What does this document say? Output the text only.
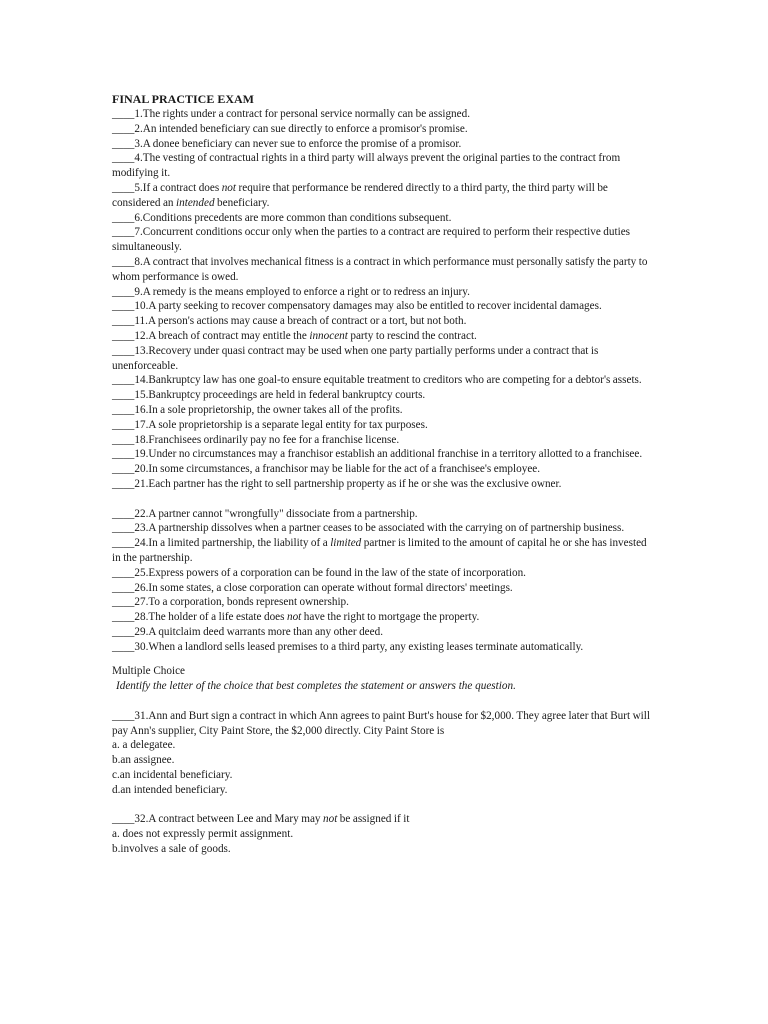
FINAL PRACTICE EXAM

____1.The rights under a contract for personal service normally can be assigned.

____2.An intended beneficiary can sue directly to enforce a promisor's promise.

____3.A donee beneficiary can never sue to enforce the promise of a promisor.

____4.The vesting of contractual rights in a third party will always prevent the original parties to the contract from modifying it.

____5.If a contract does not require that performance be rendered directly to a third party, the third party will be considered an intended beneficiary.

____6.Conditions precedents are more common than conditions subsequent.

____7.Concurrent conditions occur only when the parties to a contract are required to perform their respective duties simultaneously.

____8.A contract that involves mechanical fitness is a contract in which performance must personally satisfy the party to whom performance is owed.

____9.A remedy is the means employed to enforce a right or to redress an injury.

____10.A party seeking to recover compensatory damages may also be entitled to recover incidental damages.

____11.A person's actions may cause a breach of contract or a tort, but not both.

____12.A breach of contract may entitle the innocent party to rescind the contract.

____13.Recovery under quasi contract may be used when one party partially performs under a contract that is unenforceable.

____14.Bankruptcy law has one goal-to ensure equitable treatment to creditors who are competing for a debtor's assets.

____15.Bankruptcy proceedings are held in federal bankruptcy courts.

____16.In a sole proprietorship, the owner takes all of the profits.

____17.A sole proprietorship is a separate legal entity for tax purposes.

____18.Franchisees ordinarily pay no fee for a franchise license.

____19.Under no circumstances may a franchisor establish an additional franchise in a territory allotted to a franchisee.

____20.In some circumstances, a franchisor may be liable for the act of a franchisee's employee.

____21.Each partner has the right to sell partnership property as if he or she was the exclusive owner.

____22.A partner cannot "wrongfully" dissociate from a partnership.

____23.A partnership dissolves when a partner ceases to be associated with the carrying on of partnership business.

____24.In a limited partnership, the liability of a limited partner is limited to the amount of capital he or she has invested in the partnership.

____25.Express powers of a corporation can be found in the law of the state of incorporation.

____26.In some states, a close corporation can operate without formal directors' meetings.

____27.To a corporation, bonds represent ownership.

____28.The holder of a life estate does not have the right to mortgage the property.

____29.A quitclaim deed warrants more than any other deed.

____30.When a landlord sells leased premises to a third party, any existing leases terminate automatically.

Multiple Choice
Identify the letter of the choice that best completes the statement or answers the question.

____31.Ann and Burt sign a contract in which Ann agrees to paint Burt's house for $2,000. They agree later that Burt will pay Ann's supplier, City Paint Store, the $2,000 directly. City Paint Store is

a. a delegatee.

b.an assignee.

c.an incidental beneficiary.

d.an intended beneficiary.

____32.A contract between Lee and Mary may not be assigned if it

a. does not expressly permit assignment.

b.involves a sale of goods.
